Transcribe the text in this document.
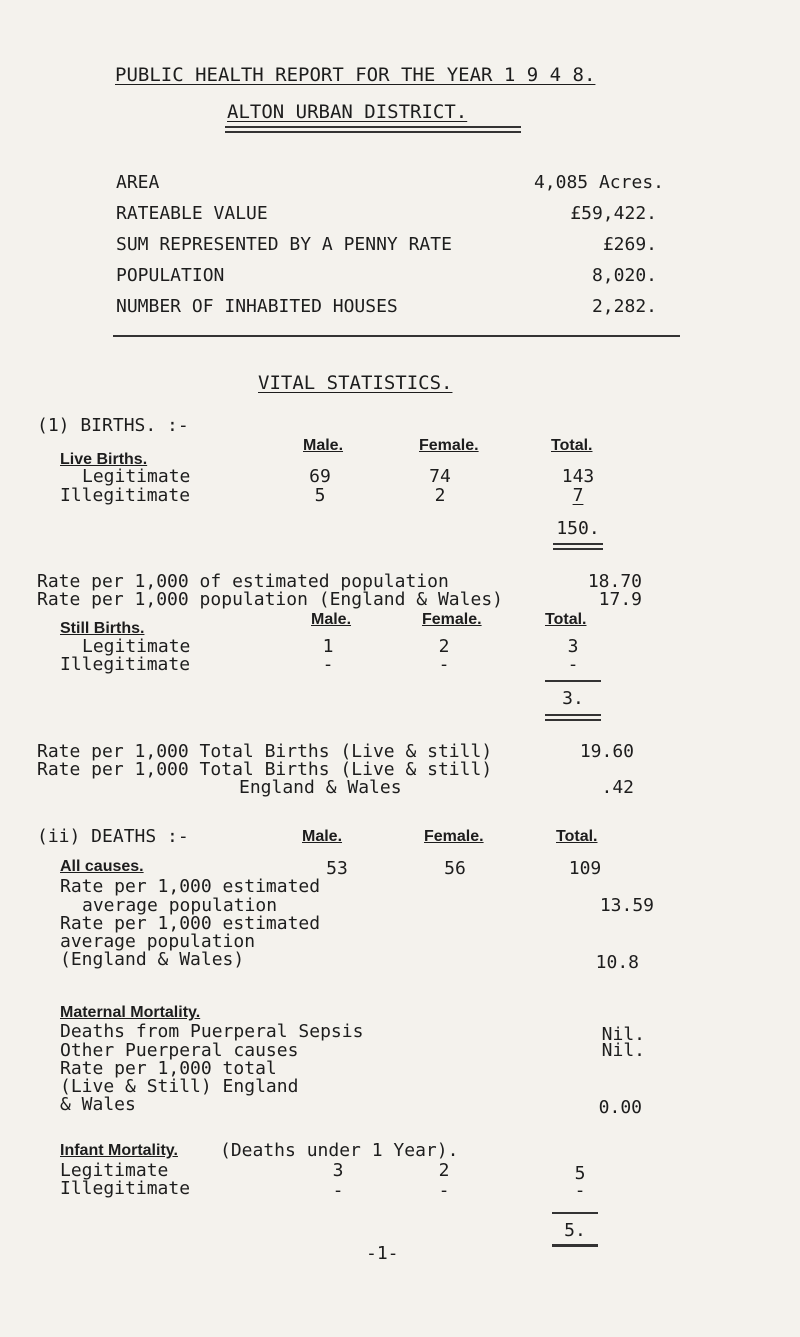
PUBLIC HEALTH REPORT FOR THE YEAR 1 9 4 8.
ALTON URBAN DISTRICT.
AREA	4,085 Acres.
RATEABLE VALUE	£59,422.
SUM REPRESENTED BY A PENNY RATE	£269.
POPULATION	8,020.
NUMBER OF INHABITED HOUSES	2,282.
VITAL STATISTICS.
(1) BIRTHS. :-
Male.	Female.	Total.
Live Births.
Legitimate	69	74	143
Illegitimate	5	2	7
150.
Rate per 1,000 of estimated population	18.70
Rate per 1,000 population (England & Wales)	17.9
Still Births.
Male.	Female.	Total.
Legitimate	1	2	3
Illegitimate	-	-	-
3.
Rate per 1,000 Total Births (Live & still)	19.60
Rate per 1,000 Total Births (Live & still)
England & Wales	.42
(ii) DEATHS :-	Male.	Female.	Total.
All causes.	53	56	109
Rate per 1,000 estimated
average population	13.59
Rate per 1,000 estimated
average population
(England & Wales)	10.8
Maternal Mortality.
Deaths from Puerperal Sepsis	Nil.
Other Puerperal causes	Nil.
Rate per 1,000 total
(Live & Still) England
& Wales	0.00
Infant Mortality. (Deaths under 1 Year).
Legitimate	3	2	5
Illegitimate	-	-	-
5.
-1-
